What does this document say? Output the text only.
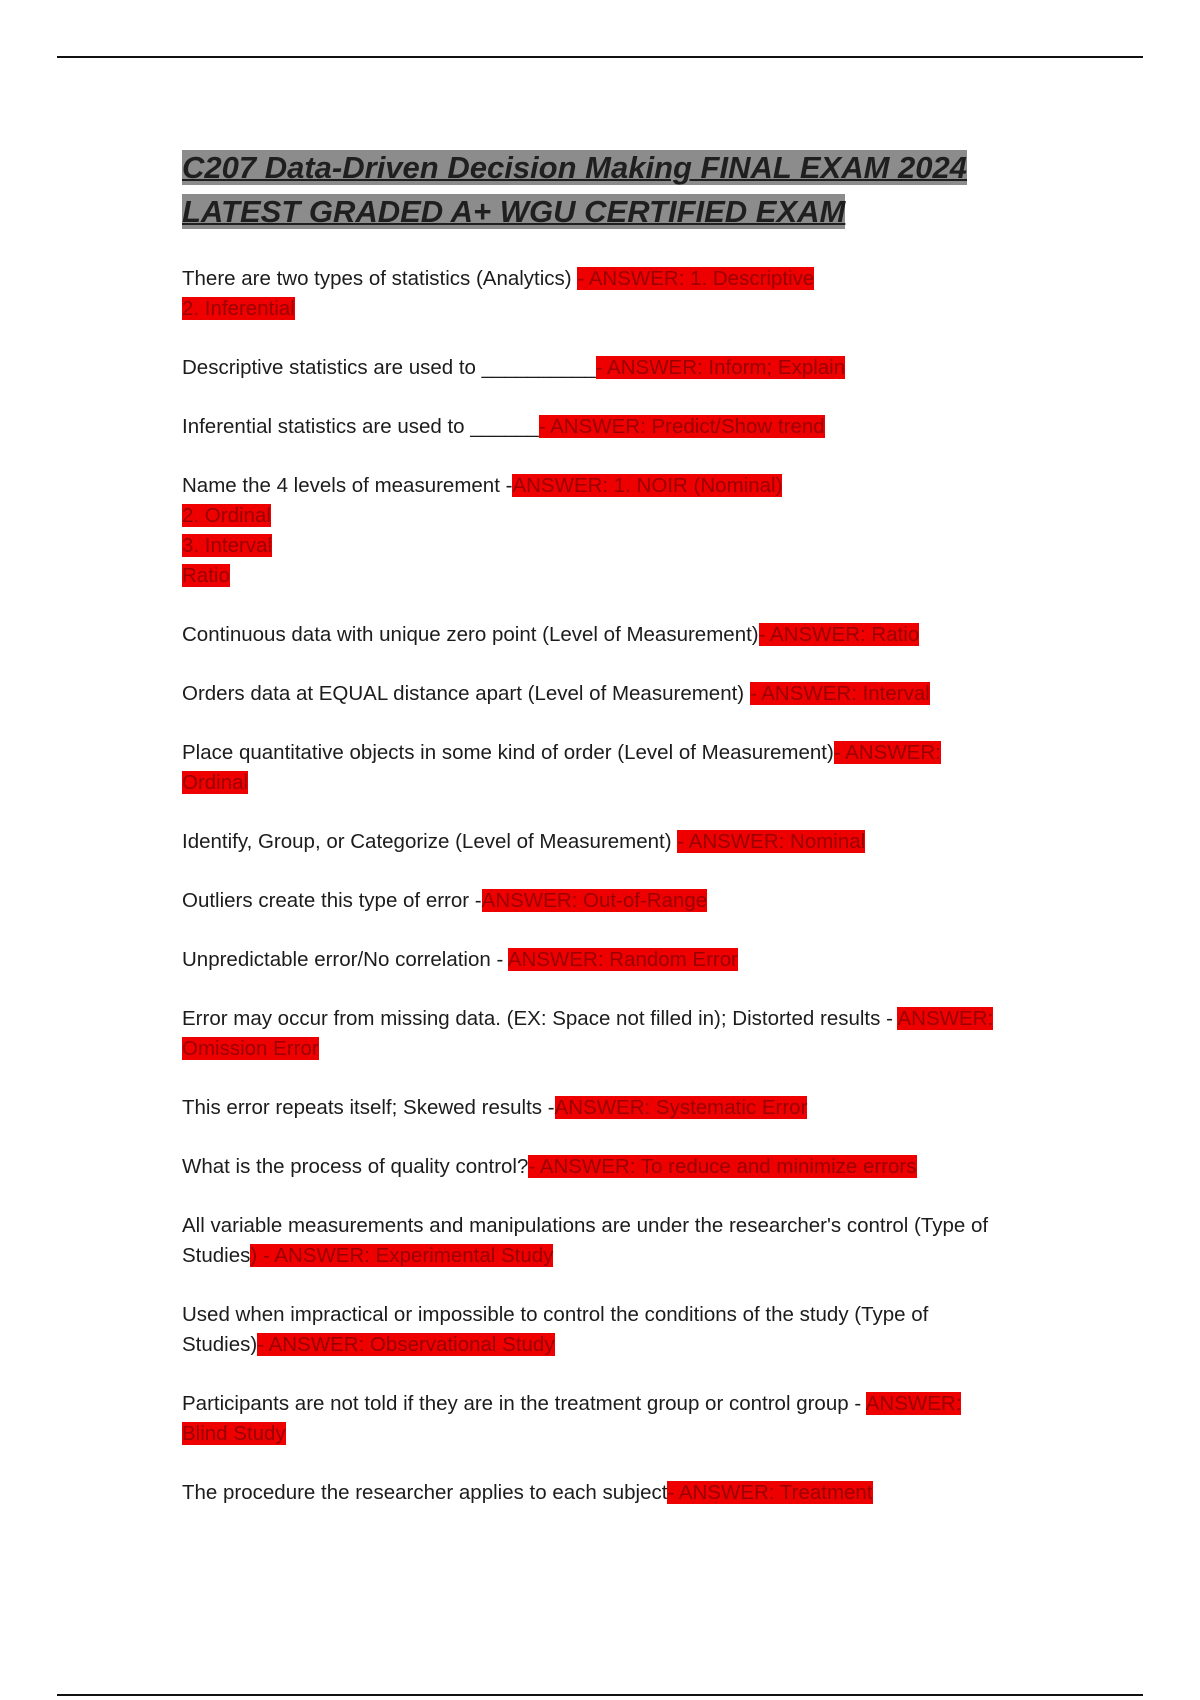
C207 Data-Driven Decision Making FINAL EXAM 2024
LATEST GRADED A+ WGU CERTIFIED EXAM

There are two types of statistics (Analytics) - ANSWER: 1. Descriptive
2. Inferential

Descriptive statistics are used to __________- ANSWER: Inform; Explain

Inferential statistics are used to ______- ANSWER: Predict/Show trend

Name the 4 levels of measurement -ANSWER: 1. NOIR (Nominal)
2. Ordinal
3. Interval
Ratio

Continuous data with unique zero point (Level of Measurement)- ANSWER: Ratio

Orders data at EQUAL distance apart (Level of Measurement) - ANSWER: Interval

Place quantitative objects in some kind of order (Level of Measurement)- ANSWER: Ordinal

Identify, Group, or Categorize (Level of Measurement) - ANSWER: Nominal

Outliers create this type of error -ANSWER: Out-of-Range

Unpredictable error/No correlation - ANSWER: Random Error

Error may occur from missing data. (EX: Space not filled in); Distorted results - ANSWER: Omission Error

This error repeats itself; Skewed results -ANSWER: Systematic Error

What is the process of quality control?- ANSWER: To reduce and minimize errors

All variable measurements and manipulations are under the researcher's control (Type of Studies) - ANSWER: Experimental Study

Used when impractical or impossible to control the conditions of the study (Type of Studies)- ANSWER: Observational Study

Participants are not told if they are in the treatment group or control group - ANSWER: Blind Study

The procedure the researcher applies to each subject- ANSWER: Treatment
